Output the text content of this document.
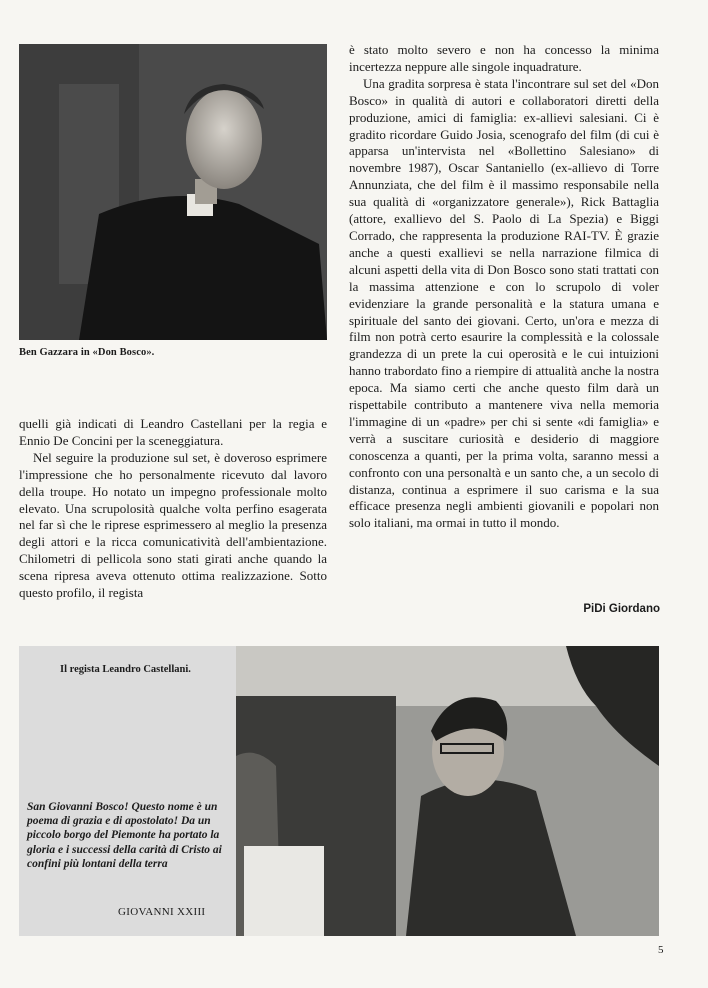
Ben Gazzara in «Don Bosco».

quelli già indicati di Leandro Castellani per la regia e Ennio De Concini per la sceneggiatura.

Nel seguire la produzione sul set, è doveroso esprimere l'impressione che ho personalmente ricevuto dal lavoro della troupe. Ho notato un impegno professionale molto elevato. Una scrupolosità qualche volta perfino esagerata nel far sì che le riprese esprimessero al meglio la presenza degli attori e la ricca comunicatività dell'ambientazione. Chilometri di pellicola sono stati girati anche quando la scena ripresa aveva ottenuto ottima realizzazione. Sotto questo profilo, il regista

è stato molto severo e non ha concesso la minima incertezza neppure alle singole inquadrature.

Una gradita sorpresa è stata l'incontrare sul set del «Don Bosco» in qualità di autori e collaboratori diretti della produzione, amici di famiglia: ex-allievi salesiani. Ci è gradito ricordare Guido Josia, scenografo del film (di cui è apparsa un'intervista nel «Bollettino Salesiano» di novembre 1987), Oscar Santaniello (ex-allievo di Torre Annunziata, che del film è il massimo responsabile nella sua qualità di «organizzatore generale»), Rick Battaglia (attore, exallievo del S. Paolo di La Spezia) e Biggi Corrado, che rappresenta la produzione RAI-TV. È grazie anche a questi exallievi se nella narrazione filmica di alcuni aspetti della vita di Don Bosco sono stati trattati con la massima attenzione e con lo scrupolo di voler evidenziare la grande personalità e la statura umana e spirituale del santo dei giovani. Certo, un'ora e mezza di film non potrà certo esaurire la complessità e la colossale grandezza di un prete la cui operosità e le cui intuizioni hanno trabordato fino a riempire di attualità anche la nostra epoca. Ma siamo certi che anche questo film darà un rispettabile contributo a mantenere viva nella memoria l'immagine di un «padre» per chi si sente «di famiglia» e verrà a suscitare curiosità e desiderio di maggiore conoscenza a quanti, per la prima volta, saranno messi a confronto con una personaltà e un santo che, a un secolo di distanza, continua a esprimere il suo carisma e la sua efficace presenza negli ambienti giovanili e popolari non solo italiani, ma ormai in tutto il mondo.

PiDi Giordano
Il regista Leandro Castellani.
San Giovanni Bosco! Questo nome è un poema di grazia e di apostolato! Da un piccolo borgo del Piemonte ha portato la gloria e i successi della carità di Cristo ai confini più lontani della terra
GIOVANNI XXIII
5
